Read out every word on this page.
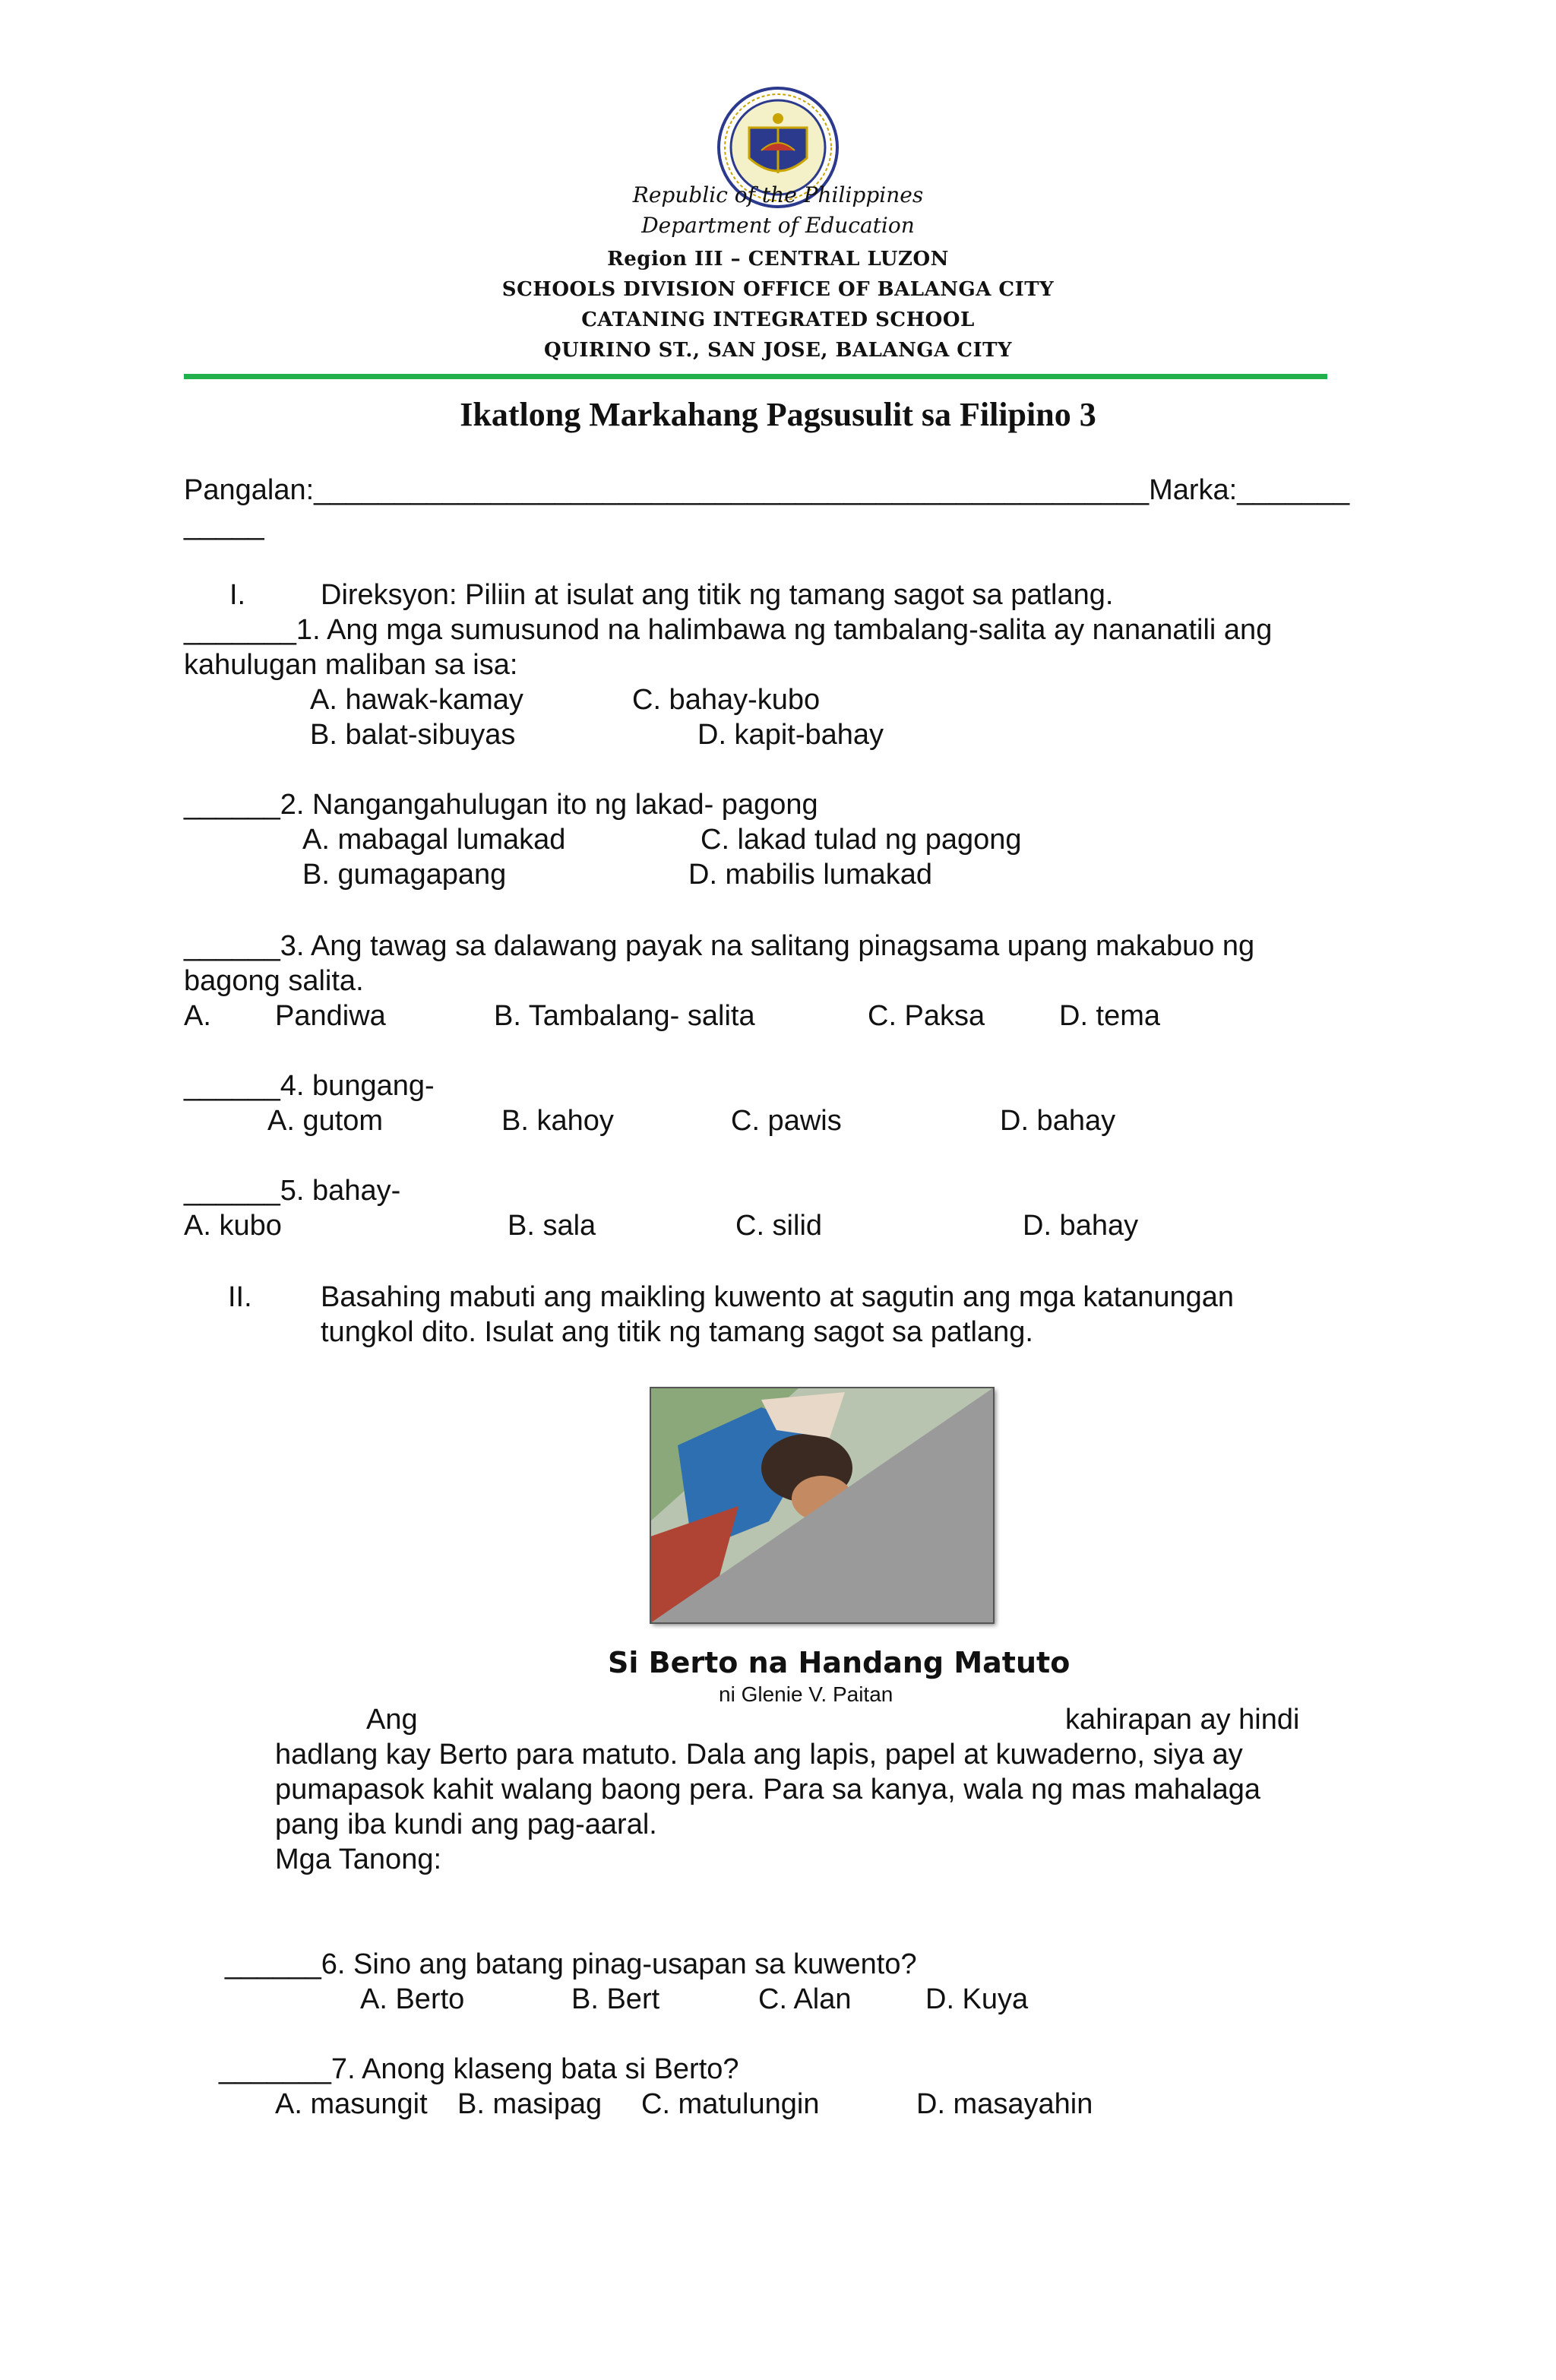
Republic of the Philippines
Department of Education
Region III – CENTRAL LUZON
SCHOOLS DIVISION OFFICE OF BALANGA CITY
CATANING INTEGRATED SCHOOL
QUIRINO ST., SAN JOSE, BALANGA CITY
Ikatlong Markahang Pagsusulit sa Filipino 3
Pangalan:____________________________________________________Marka:_______
_____
I.	Direksyon: Piliin at isulat ang titik ng tamang sagot sa patlang.
_______1. Ang mga sumusunod na halimbawa ng tambalang-salita ay nananatili ang
kahulugan maliban sa isa:
A. hawak-kamay	C. bahay-kubo
B. balat-sibuyas	D. kapit-bahay
______2. Nangangahulugan ito ng lakad- pagong
A. mabagal lumakad	C. lakad tulad ng pagong
B. gumagapang	D. mabilis lumakad
______3. Ang tawag sa dalawang payak na salitang pinagsama upang makabuo ng
bagong salita.
A. Pandiwa	B. Tambalang- salita	C. Paksa	D. tema
______4. bungang-
A. gutom	B. kahoy	C. pawis	D. bahay
______5. bahay-
A. kubo	B. sala	C. silid	D. bahay
II. Basahing mabuti ang maikling kuwento at sagutin ang mga katanungan
tungkol dito. Isulat ang titik ng tamang sagot sa patlang.
Si Berto na Handang Matuto
ni Glenie V. Paitan
Ang	kahirapan ay hindi
hadlang kay Berto para matuto. Dala ang lapis, papel at kuwaderno, siya ay
pumapasok kahit walang baong pera. Para sa kanya, wala ng mas mahalaga
pang iba kundi ang pag-aaral.
Mga Tanong:
______6. Sino ang batang pinag-usapan sa kuwento?
A. Berto	B. Bert	C. Alan	D. Kuya
_______7. Anong klaseng bata si Berto?
A. masungit B. masipag C. matulungin	D. masayahin
